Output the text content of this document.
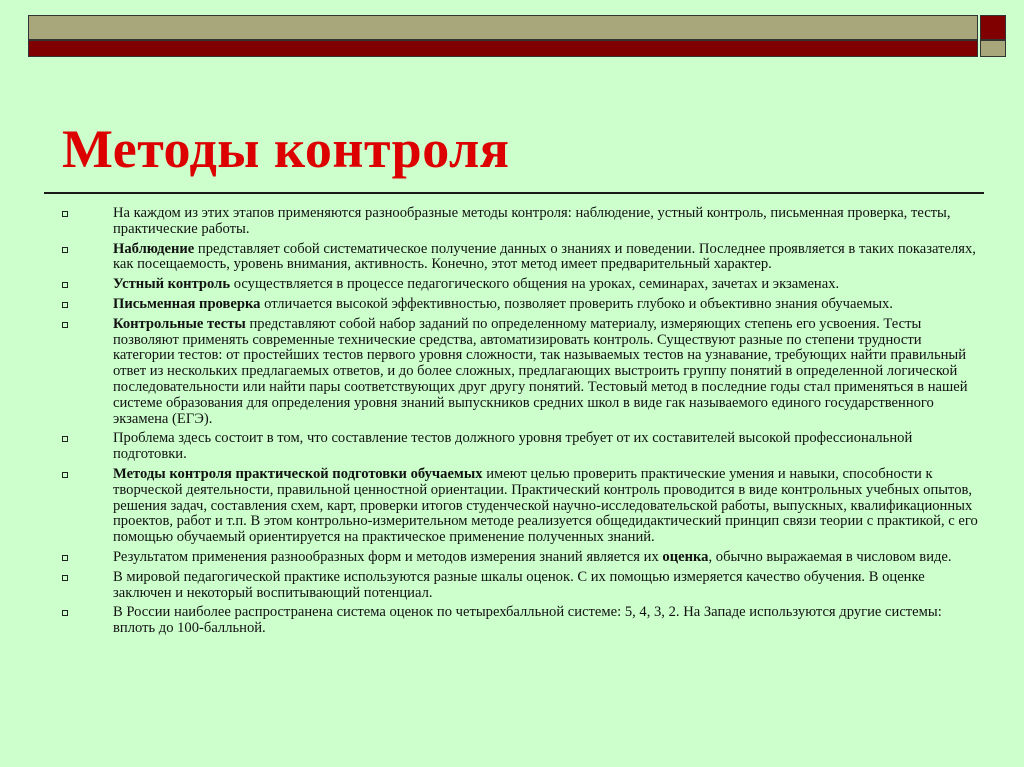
Методы контроля
На каждом из этих этапов применяются разнообразные методы контроля: наблюдение, устный контроль, письменная проверка, тесты, практические работы.
Наблюдение представляет собой систематическое получение данных о знаниях и поведении. Последнее проявляется в таких показателях, как посещаемость, уровень внимания, активность. Конечно, этот метод имеет предварительный характер.
Устный контроль осуществляется в процессе педагогического общения на уроках, семинарах, зачетах и экзаменах.
Письменная проверка отличается высокой эффективностью, позволяет проверить глубоко и объективно знания обучаемых.
Контрольные тесты представляют собой набор заданий по определенному материалу, измеряющих степень его усвоения. Тесты позволяют применять современные технические средства, автоматизировать контроль. Существуют разные по степени трудности категории тестов: от простейших тестов первого уровня сложности, так называемых тестов на узнавание, требующих найти правильный ответ из нескольких предлагаемых ответов, и до более сложных, предлагающих выстроить группу понятий в определенной логической последовательности или найти пары соответствующих друг другу понятий. Тестовый метод в последние годы стал применяться в нашей системе образования для определения уровня знаний выпускников средних школ в виде гак называемого единого государственного экзамена (ЕГЭ).
Проблема здесь состоит в том, что составление тестов должного уровня требует от их составителей высокой профессиональной подготовки.
Методы контроля практической подготовки обучаемых имеют целью проверить практические умения и навыки, способности к творческой деятельности, правильной ценностной ориентации. Практический контроль проводится в виде контрольных учебных опытов, решения задач, составления схем, карт, проверки итогов студенческой научно-исследовательской работы, выпускных, квалификационных проектов, работ и т.п. В этом контрольно-измерительном методе реализуется общедидактический принцип связи теории с практикой, с его помощью обучаемый ориентируется на практическое применение полученных знаний.
Результатом применения разнообразных форм и методов измерения знаний является их оценка, обычно выражаемая в числовом виде.
В мировой педагогической практике используются разные шкалы оценок. С их помощью измеряется качество обучения. В оценке заключен и некоторый воспитывающий потенциал.
В России наиболее распространена система оценок по четырехбалльной системе: 5, 4, 3, 2. На Западе используются другие системы: вплоть до 100-балльной.
